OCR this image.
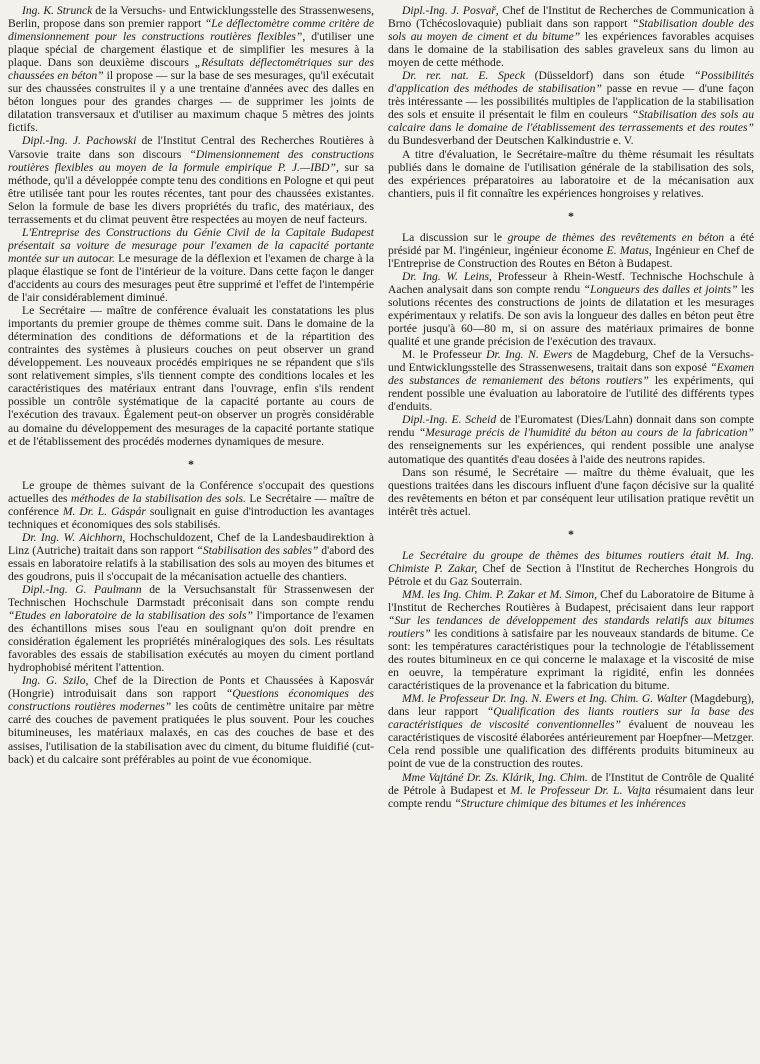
Ing. K. Strunck de la Versuchs- und Entwicklungsstelle des Strassenwesens, Berlin, propose dans son premier rapport “Le déflectomètre comme critère de dimensionnement pour les constructions routières flexibles”, d'utiliser une plaque spécial de chargement élastique et de simplifier les mesures à la plaque. Dans son deuxième discours „Résultats déflectométriques sur des chaussées en béton” il propose — sur la base de ses mesurages, qu'il exécutait sur des chaussées construites il y a une trentaine d'années avec des dalles en béton longues pour des grandes charges — de supprimer les joints de dilatation transversaux et d'utiliser au maximum chaque 5 mètres des joints fictifs.

Dipl.-Ing. J. Pachowski de l'Institut Central des Recherches Routières à Varsovie traite dans son discours “Dimensionnement des constructions routières flexibles au moyen de la formule empirique P. J.—IBD”, sur sa méthode, qu'il a développée compte tenu des conditions en Pologne et qui peut être utilisée tant pour les routes récentes, tant pour des chaussées existantes. Selon la formule de base les divers propriétés du trafic, des matériaux, des terrassements et du climat peuvent être respectées au moyen de neuf facteurs.

L'Entreprise des Constructions du Génie Civil de la Capitale Budapest présentait sa voiture de mesurage pour l'examen de la capacité portante montée sur un autocar. Le mesurage de la déflexion et l'examen de charge à la plaque élastique se font de l'intérieur de la voiture. Dans cette façon le danger d'accidents au cours des mesurages peut être supprimé et l'effet de l'intempérie de l'air considérablement diminué.

Le Secrétaire — maître de conférence évaluait les constatations les plus importants du premier groupe de thèmes comme suit. Dans le domaine de la détermination des conditions de déformations et de la répartition des contraintes des systèmes à plusieurs couches on peut observer un grand développement. Les nouveaux procédés empiriques ne se répandent que s'ils sont relativement simples, s'ils tiennent compte des conditions locales et les caractéristiques des matériaux entrant dans l'ouvrage, enfin s'ils rendent possible un contrôle systématique de la capacité portante au cours de l'exécution des travaux. Également peut-on observer un progrès considérable au domaine du développement des mesurages de la capacité portante statique et de l'établissement des procédés modernes dynamiques de mesure.

*

Le groupe de thèmes suivant de la Conférence s'occupait des questions actuelles des méthodes de la stabilisation des sols. Le Secrétaire — maître de conférence M. Dr. L. Gáspár soulignait en guise d'introduction les avantages techniques et économiques des sols stabilisés.

Dr. Ing. W. Aichhorn, Hochschuldozent, Chef de la Landesbaudirektion à Linz (Autriche) traitait dans son rapport “Stabilisation des sables” d'abord des essais en laboratoire relatifs à la stabilisation des sols au moyen des bitumes et des goudrons, puis il s'occupait de la mécanisation actuelle des chantiers.

Dipl.-Ing. G. Paulmann de la Versuchsanstalt für Strassenwesen der Technischen Hochschule Darmstadt préconisait dans son compte rendu “Etudes en laboratoire de la stabilisation des sols” l'importance de l'examen des échantillons mises sous l'eau en soulignant qu'on doit prendre en considération également les propriétés minéralogiques des sols. Les résultats favorables des essais de stabilisation exécutés au moyen du ciment portland hydrophobisé méritent l'attention.

Ing. G. Szilo, Chef de la Direction de Ponts et Chaussées à Kaposvár (Hongrie) introduisait dans son rapport “Questions économiques des constructions routières modernes” les coûts de centimètre unitaire par mètre carré des couches de pavement pratiquées le plus souvent. Pour les couches bitumineuses, les matériaux malaxés, en cas des couches de base et des assises, l'utilisation de la stabilisation avec du ciment, du bitume fluidifié (cut-back) et du calcaire sont préférables au point de vue économique.

Dipl.-Ing. J. Posvař, Chef de l'Institut de Recherches de Communication à Brno (Tchécoslovaquie) publiait dans son rapport “Stabilisation double des sols au moyen de ciment et du bitume” les expériences favorables acquises dans le domaine de la stabilisation des sables graveleux sans du limon au moyen de cette méthode.

Dr. rer. nat. E. Speck (Düsseldorf) dans son étude “Possibilités d'application des méthodes de stabilisation” passe en revue — d'une façon très intéressante — les possibilités multiples de l'application de la stabilisation des sols et ensuite il présentait le film en couleurs “Stabilisation des sols au calcaire dans le domaine de l'établissement des terrassements et des routes” du Bundesverband der Deutschen Kalkindustrie e. V.

A titre d'évaluation, le Secrétaire-maître du thème résumait les résultats publiés dans le domaine de l'utilisation générale de la stabilisation des sols, des expériences préparatoires au laboratoire et de la mécanisation aux chantiers, puis il fit connaître les expériences hongroises y relatives.

*

La discussion sur le groupe de thèmes des revêtements en béton a été présidé par M. l'ingénieur, ingénieur économe E. Matus, Ingénieur en Chef de l'Entreprise de Construction des Routes en Béton à Budapest.

Dr. Ing. W. Leins, Professeur à Rhein-Westf. Technische Hochschule à Aachen analysait dans son compte rendu “Longueurs des dalles et joints” les solutions récentes des constructions de joints de dilatation et les mesurages expérimentaux y relatifs. De son avis la longueur des dalles en béton peut être portée jusqu'à 60—80 m, si on assure des matériaux primaires de bonne qualité et une grande précision de l'exécution des travaux.

M. le Professeur Dr. Ing. N. Ewers de Magdeburg, Chef de la Versuchs- und Entwicklungsstelle des Strassenwesens, traitait dans son exposé “Examen des substances de remaniement des bétons routiers” les expériments, qui rendent possible une évaluation au laboratoire de l'utilité des différents types d'enduits.

Dipl.-Ing. E. Scheid de l'Euromatest (Dies/Lahn) donnait dans son compte rendu “Mesurage précis de l'humidité du béton au cours de la fabrication” des renseignements sur les expériences, qui rendent possible une analyse automatique des quantités d'eau dosées à l'aide des neutrons rapides.

Dans son résumé, le Secrétaire — maître du thème évaluait, que les questions traitées dans les discours influent d'une façon décisive sur la qualité des revêtements en béton et par conséquent leur utilisation pratique revêtit un intérêt très actuel.

*

Le Secrétaire du groupe de thèmes des bitumes routiers était M. Ing. Chimiste P. Zakar, Chef de Section à l'Institut de Recherches Hongrois du Pétrole et du Gaz Souterrain.

MM. les Ing. Chim. P. Zakar et M. Simon, Chef du Laboratoire de Bitume à l'Institut de Recherches Routières à Budapest, précisaient dans leur rapport “Sur les tendances de développement des standards relatifs aux bitumes routiers” les conditions à satisfaire par les nouveaux standards de bitume. Ce sont: les températures caractéristiques pour la technologie de l'établissement des routes bitumineux en ce qui concerne le malaxage et la viscosité de mise en oeuvre, la température exprimant la rigidité, enfin les données caractéristiques de la provenance et la fabrication du bitume.

MM. le Professeur Dr. Ing. N. Ewers et Ing. Chim. G. Walter (Magdeburg), dans leur rapport “Qualification des liants routiers sur la base des caractéristiques de viscosité conventionnelles” évaluent de nouveau les caractéristiques de viscosité élaborées antérieurement par Hoepfner—Metzger. Cela rend possible une qualification des différents produits bitumineux au point de vue de la construction des routes.

Mme Vajtáné Dr. Zs. Klárik, Ing. Chim. de l'Institut de Contrôle de Qualité de Pétrole à Budapest et M. le Professeur Dr. L. Vajta résumaient dans leur compte rendu “Structure chimique des bitumes et les inhérences
